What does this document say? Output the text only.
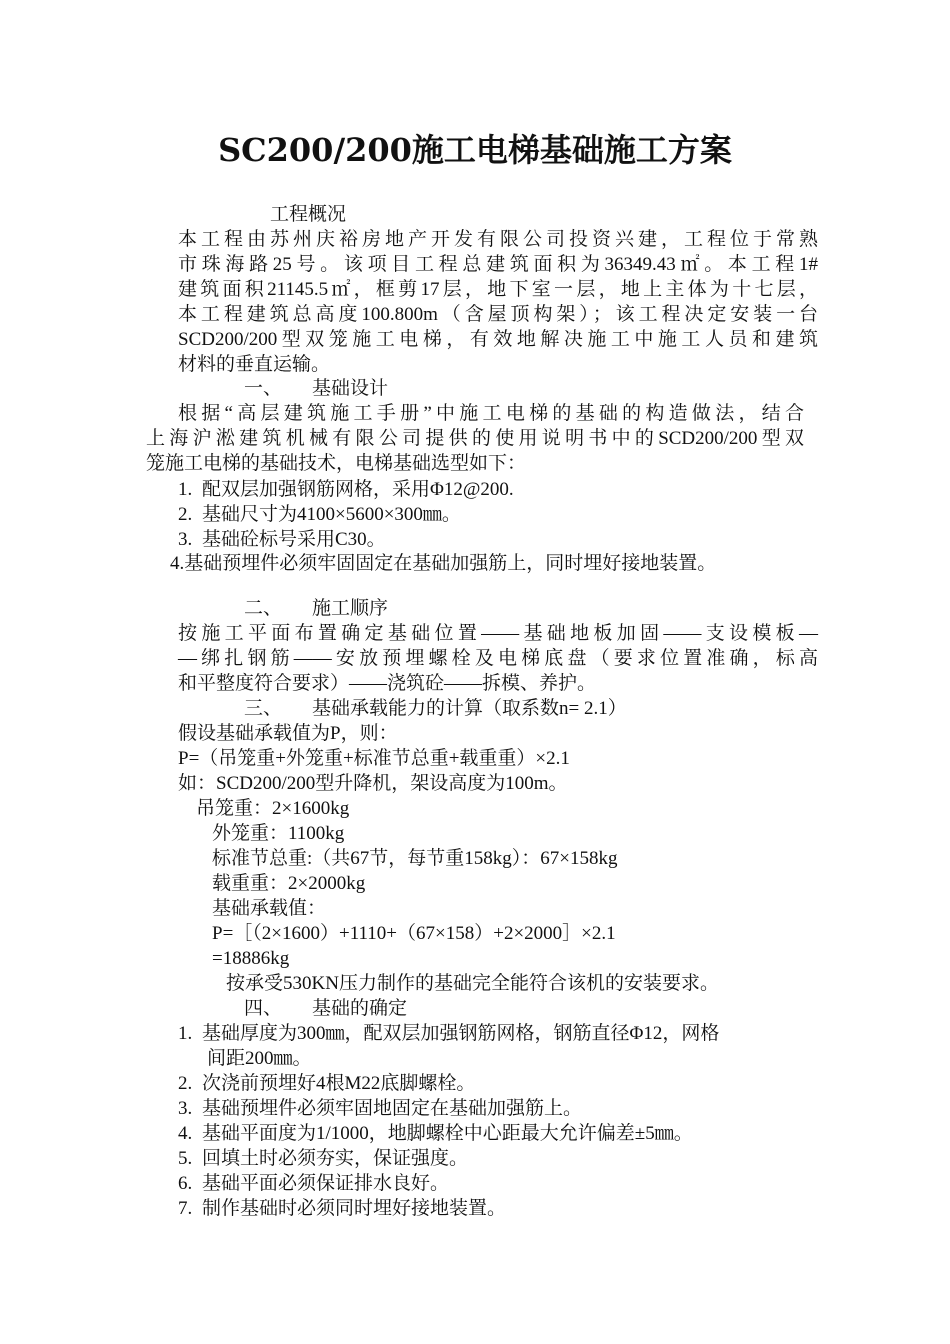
SC200/200施工电梯基础施工方案
工程概况
本工程由苏州庆裕房地产开发有限公司投资兴建，工程位于常熟
市珠海路25号。该项目工程总建筑面积为36349.43㎡。本工程1#
建筑面积21145.5㎡，框剪17层，地下室一层，地上主体为十七层，
本工程建筑总高度100.800m（含屋顶构架）；该工程决定安装一台
SCD200/200型双笼施工电梯，有效地解决施工中施工人员和建筑
材料的垂直运输。
一、 基础设计
根据“高层建筑施工手册”中施工电梯的基础的构造做法，结合
上海沪淞建筑机械有限公司提供的使用说明书中的SCD200/200型双
笼施工电梯的基础技术，电梯基础选型如下：
1. 配双层加强钢筋网格，采用Φ12@200.
2. 基础尺寸为4100×5600×300㎜。
3. 基础砼标号采用C30。
4.基础预埋件必须牢固固定在基础加强筋上，同时埋好接地装置。
二、 施工顺序
按施工平面布置确定基础位置——基础地板加固——支设模板—
—绑扎钢筋——安放预埋螺栓及电梯底盘（要求位置准确，标高
和平整度符合要求）——浇筑砼——拆模、养护。
三、 基础承载能力的计算（取系数n= 2.1）
假设基础承载值为P，则：
P=（吊笼重+外笼重+标准节总重+载重重）×2.1
如：SCD200/200型升降机，架设高度为100m。
吊笼重：2×1600kg
外笼重：1100kg
标准节总重:（共67节，每节重158kg）：67×158kg
载重重：2×2000kg
基础承载值：
P=［（2×1600）+1110+（67×158）+2×2000］×2.1
=18886kg
按承受530KN压力制作的基础完全能符合该机的安装要求。
四、 基础的确定
1. 基础厚度为300㎜，配双层加强钢筋网格，钢筋直径Φ12，网格
间距200㎜。
2. 次浇前预埋好4根M22底脚螺栓。
3. 基础预埋件必须牢固地固定在基础加强筋上。
4. 基础平面度为1/1000，地脚螺栓中心距最大允许偏差±5㎜。
5. 回填土时必须夯实，保证强度。
6. 基础平面必须保证排水良好。
7. 制作基础时必须同时埋好接地装置。
